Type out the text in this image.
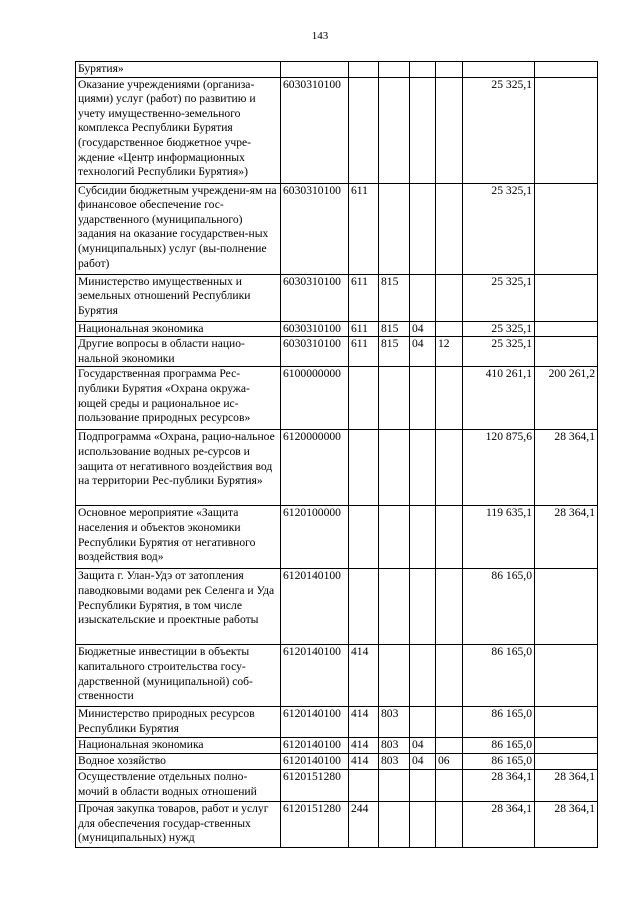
143
Бурятия»							
Оказание учреждениями (организа-циями) услуг (работ) по развитию и учету имущественно-земельного комплекса Республики Бурятия (государственное бюджетное учре-ждение «Центр информационных технологий Республики Бурятия»)	6030310100					25 325,1	
Субсидии бюджетным учреждени-ям на финансовое обеспечение гос-ударственного (муниципального) задания на оказание государствен-ных (муниципальных) услуг (вы-полнение работ)	6030310100	611				25 325,1	
Министерство имущественных и земельных отношений Республики Бурятия	6030310100	611	815			25 325,1	
Национальная экономика	6030310100	611	815	04		25 325,1	
Другие вопросы в области нацио-нальной экономики	6030310100	611	815	04	12	25 325,1	
Государственная программа Рес-публики Бурятия «Охрана окружа-ющей среды и рациональное ис-пользование природных ресурсов»	6100000000					410 261,1	200 261,2
Подпрограмма «Охрана, рацио-нальное использование водных ре-сурсов и защита от негативного воздействия вод на территории Рес-публики Бурятия»	6120000000					120 875,6	28 364,1
Основное мероприятие «Защита населения и объектов экономики Республики Бурятия от негативного воздействия вод»	6120100000					119 635,1	28 364,1
Защита г. Улан-Удэ от затопления паводковыми водами рек Селенга и Уда Республики Бурятия, в том числе изыскательские и проектные работы	6120140100					86 165,0	
Бюджетные инвестиции в объекты капитального строительства госу-дарственной (муниципальной) соб-ственности	6120140100	414				86 165,0	
Министерство природных ресурсов Республики Бурятия	6120140100	414	803			86 165,0	
Национальная экономика	6120140100	414	803	04		86 165,0	
Водное хозяйство	6120140100	414	803	04	06	86 165,0	
Осуществление отдельных полно-мочий в области водных отношений	6120151280					28 364,1	28 364,1
Прочая закупка товаров, работ и услуг для обеспечения государ-ственных (муниципальных) нужд	6120151280	244				28 364,1	28 364,1
